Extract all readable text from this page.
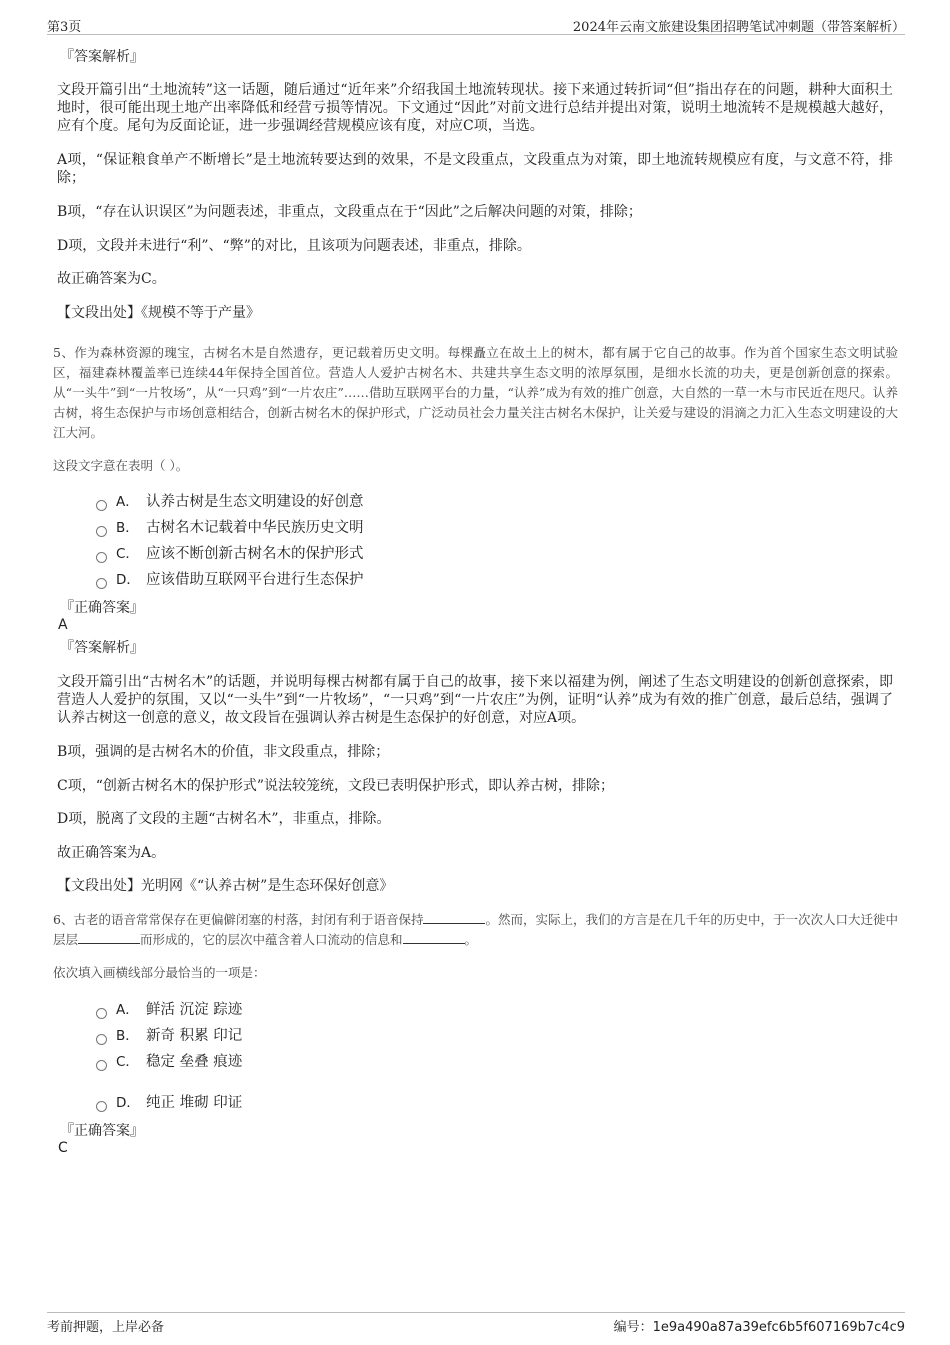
第3页	2024年云南文旅建设集团招聘笔试冲刺题（带答案解析）
『答案解析』
文段开篇引出“土地流转”这一话题，随后通过“近年来”介绍我国土地流转现状。接下来通过转折词“但”指出存在的问题，耕种大面积土地时，很可能出现土地产出率降低和经营亏损等情况。下文通过“因此”对前文进行总结并提出对策，说明土地流转不是规模越大越好，应有个度。尾句为反面论证，进一步强调经营规模应该有度，对应C项，当选。
A项，“保证粮食单产不断增长”是土地流转要达到的效果，不是文段重点，文段重点为对策，即土地流转规模应有度，与文意不符，排除；
B项，“存在认识误区”为问题表述，非重点，文段重点在于“因此”之后解决问题的对策，排除；
D项，文段并未进行“利”、“弊”的对比，且该项为问题表述，非重点，排除。
故正确答案为C。
【文段出处】《规模不等于产量》
5、作为森林资源的瑰宝，古树名木是自然遗存，更记载着历史文明。每棵矗立在故土上的树木，都有属于它自己的故事。作为首个国家生态文明试验区，福建森林覆盖率已连续44年保持全国首位。营造人人爱护古树名木、共建共享生态文明的浓厚氛围，是细水长流的功夫，更是创新创意的探索。从“一头牛”到“一片牧场”，从“一只鸡”到“一片农庄”……借助互联网平台的力量，“认养”成为有效的推广创意，大自然的一草一木与市民近在咫尺。认养古树，将生态保护与市场创意相结合，创新古树名木的保护形式，广泛动员社会力量关注古树名木保护，让关爱与建设的涓滴之力汇入生态文明建设的大江大河。
这段文字意在表明（ ）。
A． 认养古树是生态文明建设的好创意
B． 古树名木记载着中华民族历史文明
C． 应该不断创新古树名木的保护形式
D． 应该借助互联网平台进行生态保护
『正确答案』
A
『答案解析』
文段开篇引出“古树名木”的话题，并说明每棵古树都有属于自己的故事，接下来以福建为例，阐述了生态文明建设的创新创意探索，即营造人人爱护的氛围，又以“一头牛”到“一片牧场”，“一只鸡”到“一片农庄”为例，证明“认养”成为有效的推广创意，最后总结，强调了认养古树这一创意的意义，故文段旨在强调认养古树是生态保护的好创意，对应A项。
B项，强调的是古树名木的价值，非文段重点，排除；
C项，“创新古树名木的保护形式”说法较笼统，文段已表明保护形式，即认养古树，排除；
D项，脱离了文段的主题“古树名木”，非重点，排除。
故正确答案为A。
【文段出处】光明网《“认养古树”是生态环保好创意》
6、古老的语音常常保存在更偏僻闭塞的村落，封闭有利于语音保持	。然而，实际上，我们的方言是在几千年的历史中，于一次次人口大迁徙中层层	而形成的，它的层次中蕴含着人口流动的信息和	。
依次填入画横线部分最恰当的一项是：
A． 鲜活 沉淀 踪迹
B． 新奇 积累 印记
C． 稳定 垒叠 痕迹
D． 纯正 堆砌 印证
『正确答案』
C
考前押题，上岸必备	编号：1e9a490a87a39efc6b5f607169b7c4c9
